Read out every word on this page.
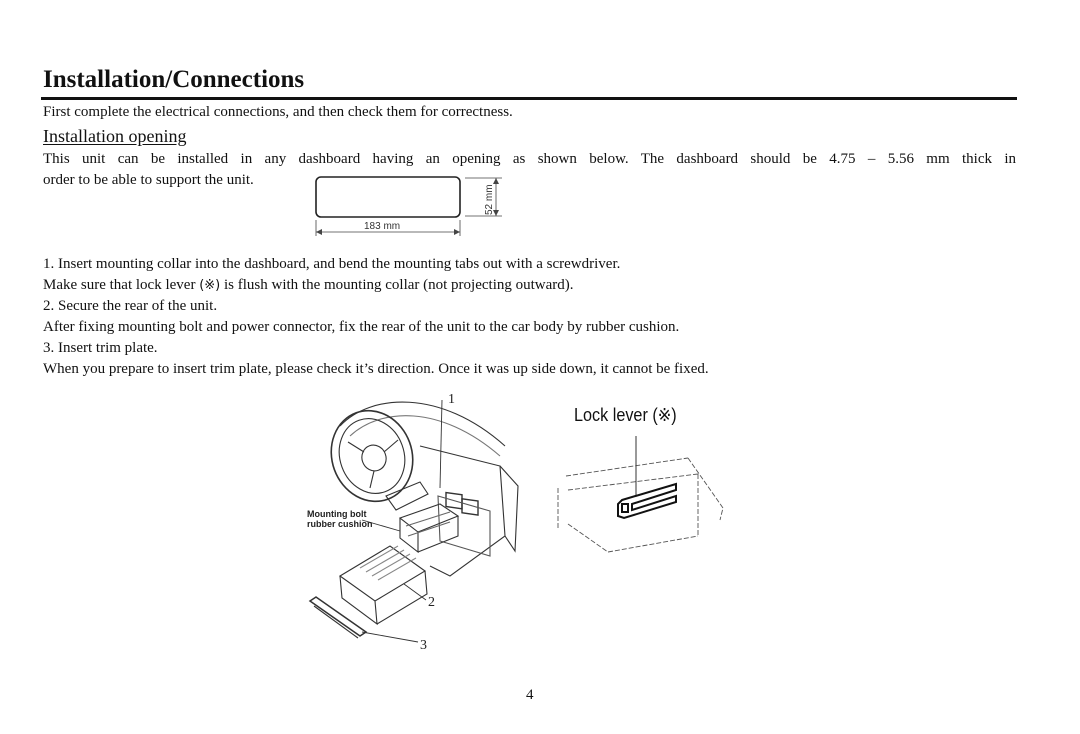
Installation/Connections
First complete the electrical connections, and then check them for correctness.
Installation opening
This unit can be installed in any dashboard having an opening as shown below. The dashboard should be 4.75 – 5.56 mm thick in
order to be able to support the unit.
52 mm
183 mm
1. Insert mounting collar into the dashboard, and bend the mounting tabs out with a screwdriver.
Make sure that lock lever (※) is flush with the mounting collar (not projecting outward).
2. Secure the rear of the unit.
After fixing mounting bolt and power connector, fix the rear of the unit to the car body by rubber cushion.
3. Insert trim plate.
When you prepare to insert trim plate, please check it’s direction. Once it was up side down, it cannot be fixed.
1
2
3
Mounting bolt
rubber cushion
Lock lever (※)
4
